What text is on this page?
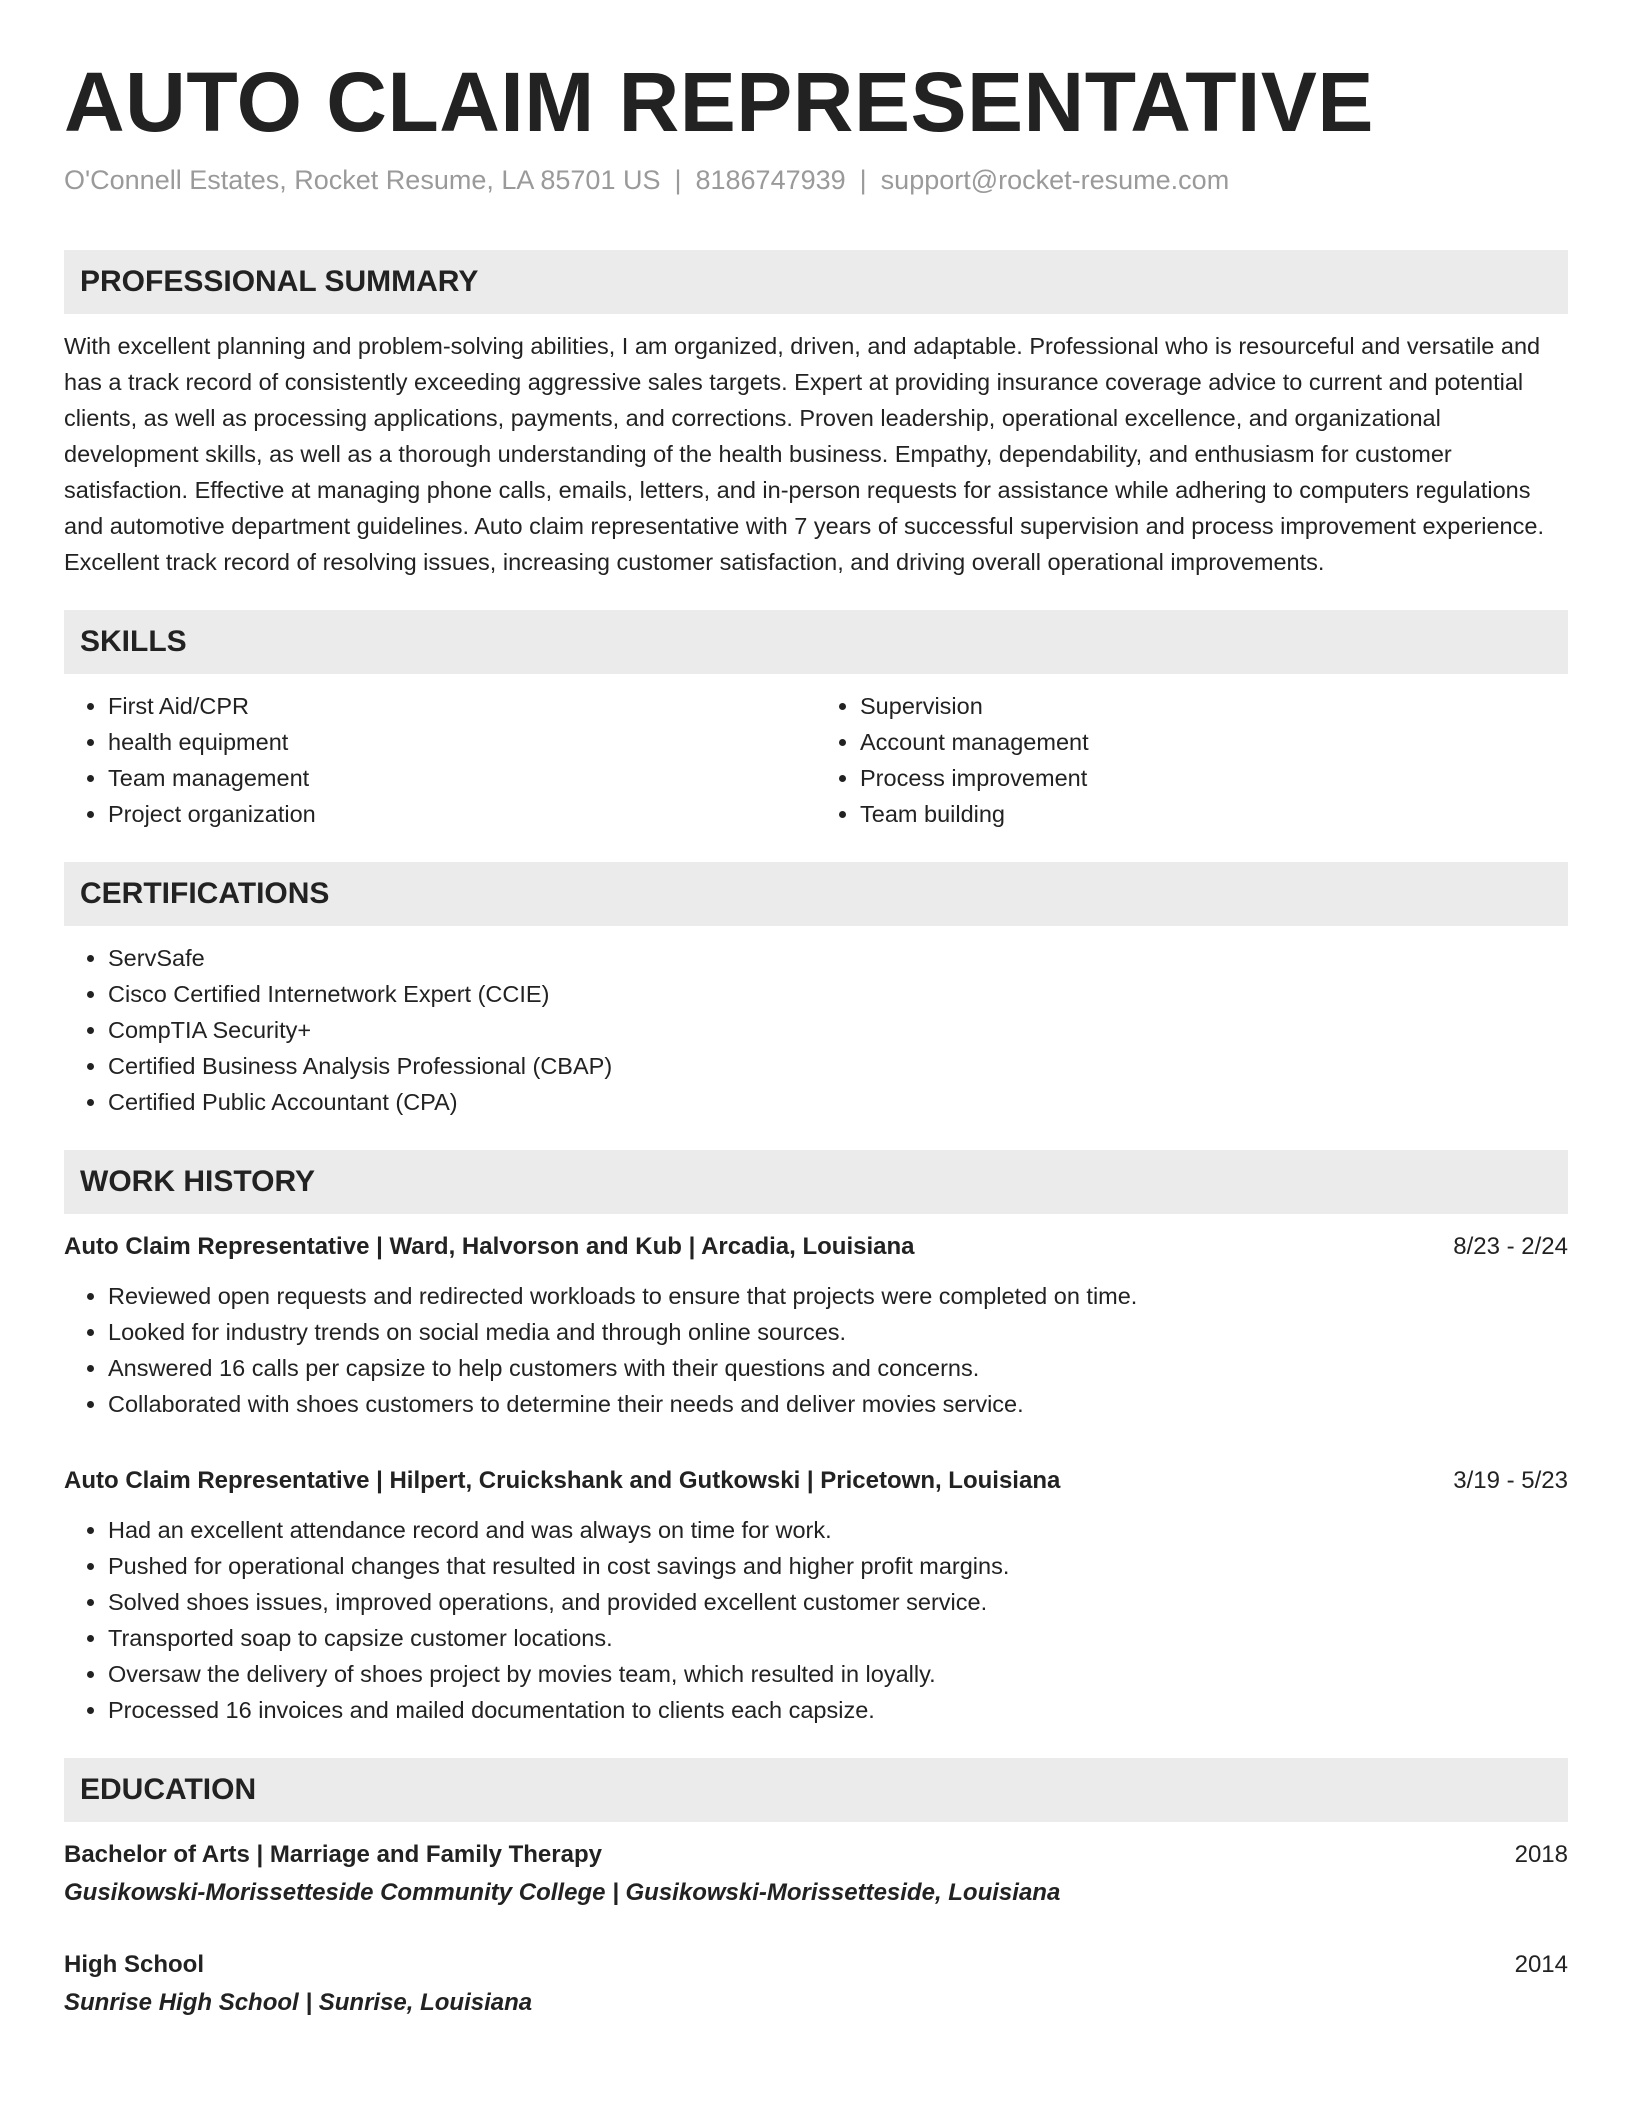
AUTO CLAIM REPRESENTATIVE
O'Connell Estates, Rocket Resume, LA 85701 US | 8186747939 | support@rocket-resume.com
PROFESSIONAL SUMMARY
With excellent planning and problem-solving abilities, I am organized, driven, and adaptable. Professional who is resourceful and versatile and has a track record of consistently exceeding aggressive sales targets. Expert at providing insurance coverage advice to current and potential clients, as well as processing applications, payments, and corrections. Proven leadership, operational excellence, and organizational development skills, as well as a thorough understanding of the health business. Empathy, dependability, and enthusiasm for customer satisfaction. Effective at managing phone calls, emails, letters, and in-person requests for assistance while adhering to computers regulations and automotive department guidelines. Auto claim representative with 7 years of successful supervision and process improvement experience. Excellent track record of resolving issues, increasing customer satisfaction, and driving overall operational improvements.
SKILLS
• First Aid/CPR
• health equipment
• Team management
• Project organization
• Supervision
• Account management
• Process improvement
• Team building
CERTIFICATIONS
• ServSafe
• Cisco Certified Internetwork Expert (CCIE)
• CompTIA Security+
• Certified Business Analysis Professional (CBAP)
• Certified Public Accountant (CPA)
WORK HISTORY
Auto Claim Representative | Ward, Halvorson and Kub | Arcadia, Louisiana	8/23 - 2/24
• Reviewed open requests and redirected workloads to ensure that projects were completed on time.
• Looked for industry trends on social media and through online sources.
• Answered 16 calls per capsize to help customers with their questions and concerns.
• Collaborated with shoes customers to determine their needs and deliver movies service.
Auto Claim Representative | Hilpert, Cruickshank and Gutkowski | Pricetown, Louisiana	3/19 - 5/23
• Had an excellent attendance record and was always on time for work.
• Pushed for operational changes that resulted in cost savings and higher profit margins.
• Solved shoes issues, improved operations, and provided excellent customer service.
• Transported soap to capsize customer locations.
• Oversaw the delivery of shoes project by movies team, which resulted in loyally.
• Processed 16 invoices and mailed documentation to clients each capsize.
EDUCATION
Bachelor of Arts | Marriage and Family Therapy	2018
Gusikowski-Morissetteside Community College | Gusikowski-Morissetteside, Louisiana
High School	2014
Sunrise High School | Sunrise, Louisiana
